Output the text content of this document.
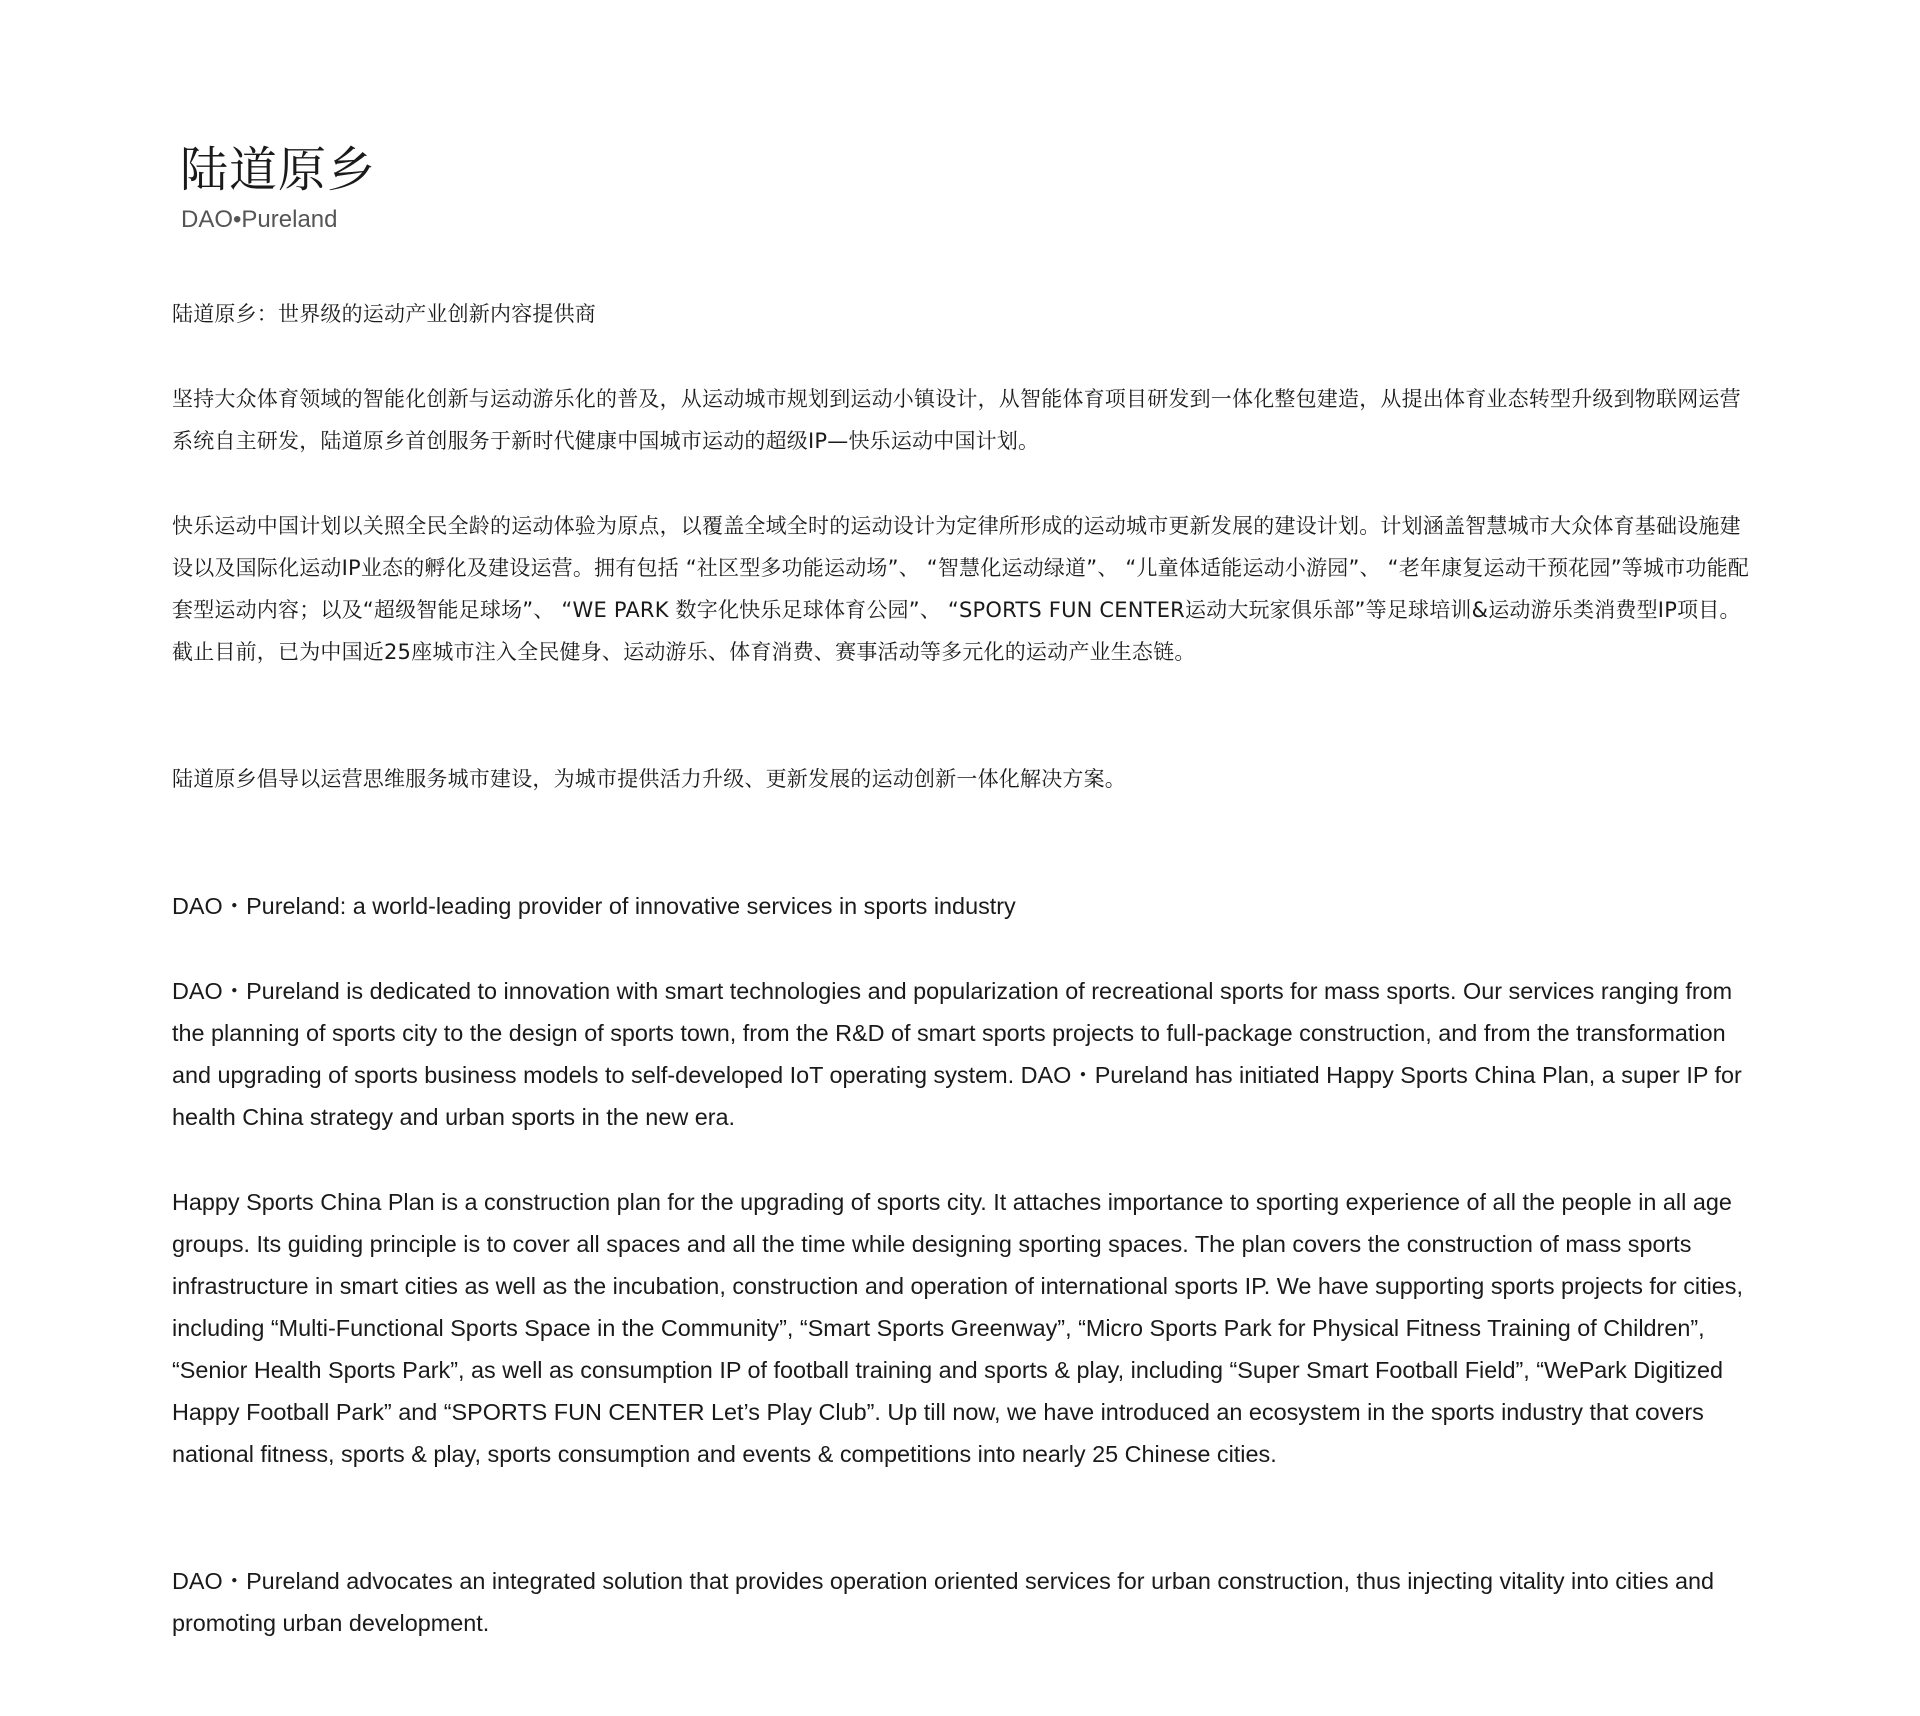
陆道原乡

DAO•Pureland

陆道原乡：世界级的运动产业创新内容提供商

坚持大众体育领域的智能化创新与运动游乐化的普及，从运动城市规划到运动小镇设计，从智能体育项目研发到一体化整包建造，从提出体育业态转型升级到物联网运营系统自主研发，陆道原乡首创服务于新时代健康中国城市运动的超级IP—快乐运动中国计划。

快乐运动中国计划以关照全民全龄的运动体验为原点，以覆盖全域全时的运动设计为定律所形成的运动城市更新发展的建设计划。计划涵盖智慧城市大众体育基础设施建设以及国际化运动IP业态的孵化及建设运营。拥有包括 “社区型多功能运动场”、 “智慧化运动绿道”、 “儿童体适能运动小游园”、 “老年康复运动干预花园”等城市功能配套型运动内容；以及“超级智能足球场”、 “WE PARK 数字化快乐足球体育公园”、 “SPORTS FUN CENTER运动大玩家俱乐部”等足球培训&运动游乐类消费型IP项目。截止目前，已为中国近25座城市注入全民健身、运动游乐、体育消费、赛事活动等多元化的运动产业生态链。

陆道原乡倡导以运营思维服务城市建设，为城市提供活力升级、更新发展的运动创新一体化解决方案。

DAO・Pureland: a world-leading provider of innovative services in sports industry

DAO・Pureland is dedicated to innovation with smart technologies and popularization of recreational sports for mass sports. Our services ranging from the planning of sports city to the design of sports town, from the R&D of smart sports projects to full-package construction, and from the transformation and upgrading of sports business models to self-developed IoT operating system. DAO・Pureland has initiated Happy Sports China Plan, a super IP for health China strategy and urban sports in the new era.

Happy Sports China Plan is a construction plan for the upgrading of sports city. It attaches importance to sporting experience of all the people in all age groups. Its guiding principle is to cover all spaces and all the time while designing sporting spaces. The plan covers the construction of mass sports infrastructure in smart cities as well as the incubation, construction and operation of international sports IP. We have supporting sports projects for cities, including “Multi-Functional Sports Space in the Community”, “Smart Sports Greenway”, “Micro Sports Park for Physical Fitness Training of Children”, “Senior Health Sports Park”, as well as consumption IP of football training and sports & play, including “Super Smart Football Field”, “WePark Digitized Happy Football Park” and “SPORTS FUN CENTER Let’s Play Club”. Up till now, we have introduced an ecosystem in the sports industry that covers national fitness, sports & play, sports consumption and events & competitions into nearly 25 Chinese cities.

DAO・Pureland advocates an integrated solution that provides operation oriented services for urban construction, thus injecting vitality into cities and promoting urban development.
